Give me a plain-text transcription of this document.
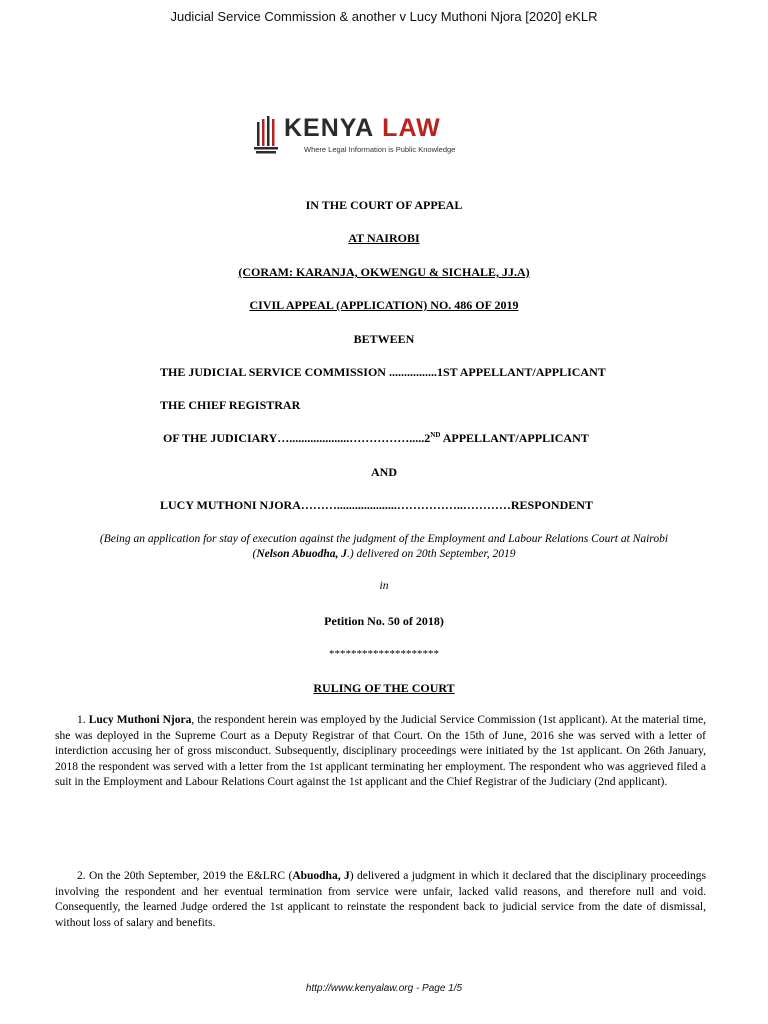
Judicial Service Commission & another v Lucy Muthoni Njora [2020] eKLR
KENYA LAW
Where Legal Information is Public Knowledge
IN THE COURT OF APPEAL
AT NAIROBI
(CORAM: KARANJA, OKWENGU & SICHALE, JJ.A)
CIVIL APPEAL (APPLICATION) NO. 486 OF 2019
BETWEEN
THE JUDICIAL SERVICE COMMISSION ................1ST APPELLANT/APPLICANT
THE CHIEF REGISTRAR
OF THE JUDICIARY…....................…………….....2ND APPELLANT/APPLICANT
AND
LUCY MUTHONI NJORA………....................……………..…………RESPONDENT
(Being an application for stay of execution against the judgment of the Employment and Labour Relations Court at Nairobi
(Nelson Abuodha, J.) delivered on 20th September, 2019
in
Petition No. 50 of 2018)
********************
RULING OF THE COURT
1. Lucy Muthoni Njora, the respondent herein was employed by the Judicial Service Commission (1st applicant). At the material time, she was deployed in the Supreme Court as a Deputy Registrar of that Court. On the 15th of June, 2016 she was served with a letter of interdiction accusing her of gross misconduct. Subsequently, disciplinary proceedings were initiated by the 1st applicant. On 26th January, 2018 the respondent was served with a letter from the 1st applicant terminating her employment. The respondent who was aggrieved filed a suit in the Employment and Labour Relations Court against the 1st applicant and the Chief Registrar of the Judiciary (2nd applicant).
2. On the 20th September, 2019 the E&LRC (Abuodha, J) delivered a judgment in which it declared that the disciplinary proceedings involving the respondent and her eventual termination from service were unfair, lacked valid reasons, and therefore null and void. Consequently, the learned Judge ordered the 1st applicant to reinstate the respondent back to judicial service from the date of dismissal, without loss of salary and benefits.
http://www.kenyalaw.org - Page 1/5
